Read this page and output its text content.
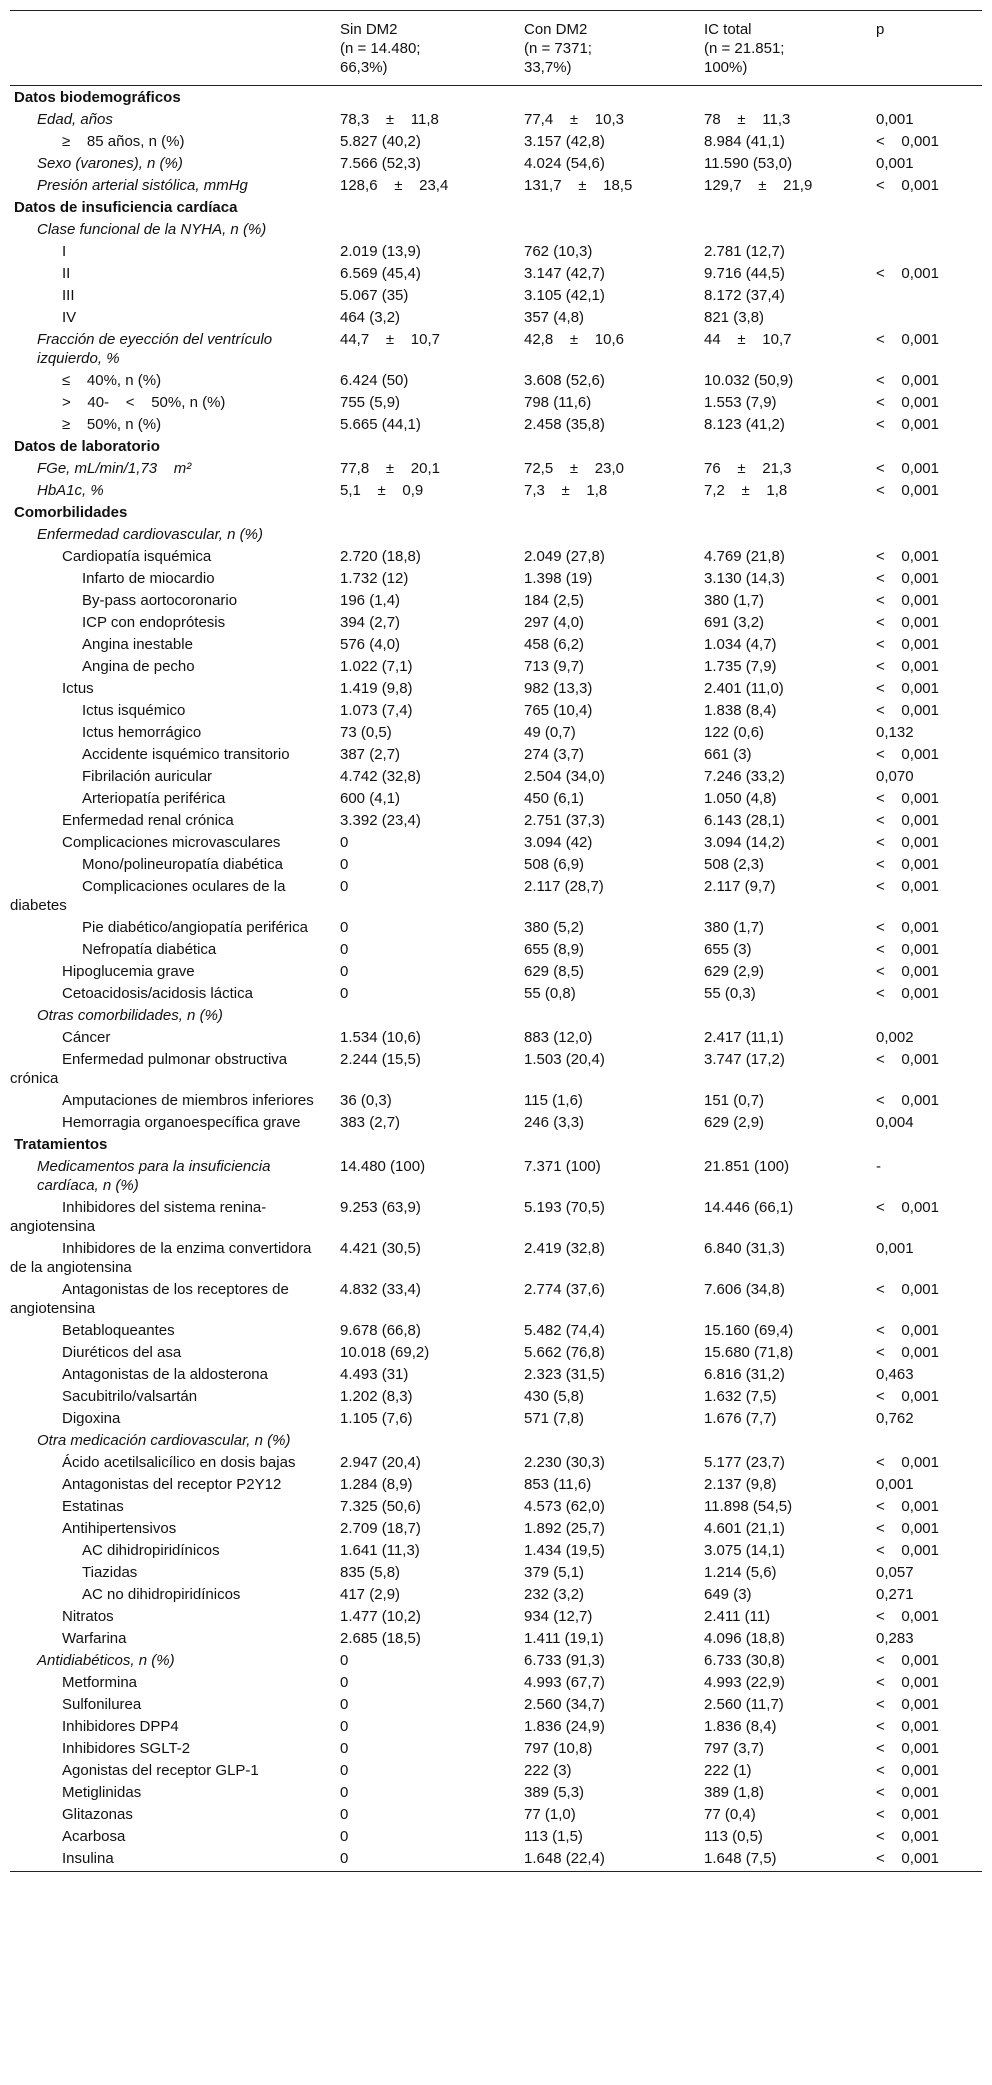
	Sin DM2
(n = 14.480;
66,3%)	Con DM2
(n = 7371;
33,7%)	IC total
(n = 21.851;
100%)	p
Datos biodemográficos				
Edad, años	78,3    ±    11,8	77,4    ±    10,3	78    ±    11,3	0,001
≥    85 años, n (%)	5.827 (40,2)	3.157 (42,8)	8.984 (41,1)	<    0,001
Sexo (varones), n (%)	7.566 (52,3)	4.024 (54,6)	11.590 (53,0)	0,001
Presión arterial sistólica, mmHg	128,6    ±    23,4	131,7    ±    18,5	129,7    ±    21,9	<    0,001
Datos de insuficiencia cardíaca				
Clase funcional de la NYHA, n (%)				
I	2.019 (13,9)	762 (10,3)	2.781 (12,7)	
II	6.569 (45,4)	3.147 (42,7)	9.716 (44,5)	<    0,001
III	5.067 (35)	3.105 (42,1)	8.172 (37,4)	
IV	464 (3,2)	357 (4,8)	821 (3,8)	
Fracción de eyección del ventrículo izquierdo, %	44,7    ±    10,7	42,8    ±    10,6	44    ±    10,7	<    0,001
≤    40%, n (%)	6.424 (50)	3.608 (52,6)	10.032 (50,9)	<    0,001
>    40-    <    50%, n (%)	755 (5,9)	798 (11,6)	1.553 (7,9)	<    0,001
≥    50%, n (%)	5.665 (44,1)	2.458 (35,8)	8.123 (41,2)	<    0,001
Datos de laboratorio				
FGe, mL/min/1,73    m²	77,8    ±    20,1	72,5    ±    23,0	76    ±    21,3	<    0,001
HbA1c, %	5,1    ±    0,9	7,3    ±    1,8	7,2    ±    1,8	<    0,001
Comorbilidades				
Enfermedad cardiovascular, n (%)				
Cardiopatía isquémica	2.720 (18,8)	2.049 (27,8)	4.769 (21,8)	<    0,001
Infarto de miocardio	1.732 (12)	1.398 (19)	3.130 (14,3)	<    0,001
By-pass aortocoronario	196 (1,4)	184 (2,5)	380 (1,7)	<    0,001
ICP con endoprótesis	394 (2,7)	297 (4,0)	691 (3,2)	<    0,001
Angina inestable	576 (4,0)	458 (6,2)	1.034 (4,7)	<    0,001
Angina de pecho	1.022 (7,1)	713 (9,7)	1.735 (7,9)	<    0,001
Ictus	1.419 (9,8)	982 (13,3)	2.401 (11,0)	<    0,001
Ictus isquémico	1.073 (7,4)	765 (10,4)	1.838 (8,4)	<    0,001
Ictus hemorrágico	73 (0,5)	49 (0,7)	122 (0,6)	0,132
Accidente isquémico transitorio	387 (2,7)	274 (3,7)	661 (3)	<    0,001
Fibrilación auricular	4.742 (32,8)	2.504 (34,0)	7.246 (33,2)	0,070
Arteriopatía periférica	600 (4,1)	450 (6,1)	1.050 (4,8)	<    0,001
Enfermedad renal crónica	3.392 (23,4)	2.751 (37,3)	6.143 (28,1)	<    0,001
Complicaciones microvasculares	0	3.094 (42)	3.094 (14,2)	<    0,001
Mono/polineuropatía diabética	0	508 (6,9)	508 (2,3)	<    0,001
Complicaciones oculares de la diabetes	0	2.117 (28,7)	2.117 (9,7)	<    0,001
Pie diabético/angiopatía periférica	0	380 (5,2)	380 (1,7)	<    0,001
Nefropatía diabética	0	655 (8,9)	655 (3)	<    0,001
Hipoglucemia grave	0	629 (8,5)	629 (2,9)	<    0,001
Cetoacidosis/acidosis láctica	0	55 (0,8)	55 (0,3)	<    0,001
Otras comorbilidades, n (%)				
Cáncer	1.534 (10,6)	883 (12,0)	2.417 (11,1)	0,002
Enfermedad pulmonar obstructiva crónica	2.244 (15,5)	1.503 (20,4)	3.747 (17,2)	<    0,001
Amputaciones de miembros inferiores	36 (0,3)	115 (1,6)	151 (0,7)	<    0,001
Hemorragia organoespecífica grave	383 (2,7)	246 (3,3)	629 (2,9)	0,004
Tratamientos				
Medicamentos para la insuficiencia cardíaca, n (%)	14.480 (100)	7.371 (100)	21.851 (100)	-
Inhibidores del sistema renina-angiotensina	9.253 (63,9)	5.193 (70,5)	14.446 (66,1)	<    0,001
Inhibidores de la enzima convertidora de la angiotensina	4.421 (30,5)	2.419 (32,8)	6.840 (31,3)	0,001
Antagonistas de los receptores de angiotensina	4.832 (33,4)	2.774 (37,6)	7.606 (34,8)	<    0,001
Betabloqueantes	9.678 (66,8)	5.482 (74,4)	15.160 (69,4)	<    0,001
Diuréticos del asa	10.018 (69,2)	5.662 (76,8)	15.680 (71,8)	<    0,001
Antagonistas de la aldosterona	4.493 (31)	2.323 (31,5)	6.816 (31,2)	0,463
Sacubitrilo/valsartán	1.202 (8,3)	430 (5,8)	1.632 (7,5)	<    0,001
Digoxina	1.105 (7,6)	571 (7,8)	1.676 (7,7)	0,762
Otra medicación cardiovascular, n (%)				
Ácido acetilsalicílico en dosis bajas	2.947 (20,4)	2.230 (30,3)	5.177 (23,7)	<    0,001
Antagonistas del receptor P2Y12	1.284 (8,9)	853 (11,6)	2.137 (9,8)	0,001
Estatinas	7.325 (50,6)	4.573 (62,0)	11.898 (54,5)	<    0,001
Antihipertensivos	2.709 (18,7)	1.892 (25,7)	4.601 (21,1)	<    0,001
AC dihidropiridínicos	1.641 (11,3)	1.434 (19,5)	3.075 (14,1)	<    0,001
Tiazidas	835 (5,8)	379 (5,1)	1.214 (5,6)	0,057
AC no dihidropiridínicos	417 (2,9)	232 (3,2)	649 (3)	0,271
Nitratos	1.477 (10,2)	934 (12,7)	2.411 (11)	<    0,001
Warfarina	2.685 (18,5)	1.411 (19,1)	4.096 (18,8)	0,283
Antidiabéticos, n (%)	0	6.733 (91,3)	6.733 (30,8)	<    0,001
Metformina	0	4.993 (67,7)	4.993 (22,9)	<    0,001
Sulfonilurea	0	2.560 (34,7)	2.560 (11,7)	<    0,001
Inhibidores DPP4	0	1.836 (24,9)	1.836 (8,4)	<    0,001
Inhibidores SGLT-2	0	797 (10,8)	797 (3,7)	<    0,001
Agonistas del receptor GLP-1	0	222 (3)	222 (1)	<    0,001
Metiglinidas	0	389 (5,3)	389 (1,8)	<    0,001
Glitazonas	0	77 (1,0)	77 (0,4)	<    0,001
Acarbosa	0	113 (1,5)	113 (0,5)	<    0,001
Insulina	0	1.648 (22,4)	1.648 (7,5)	<    0,001
